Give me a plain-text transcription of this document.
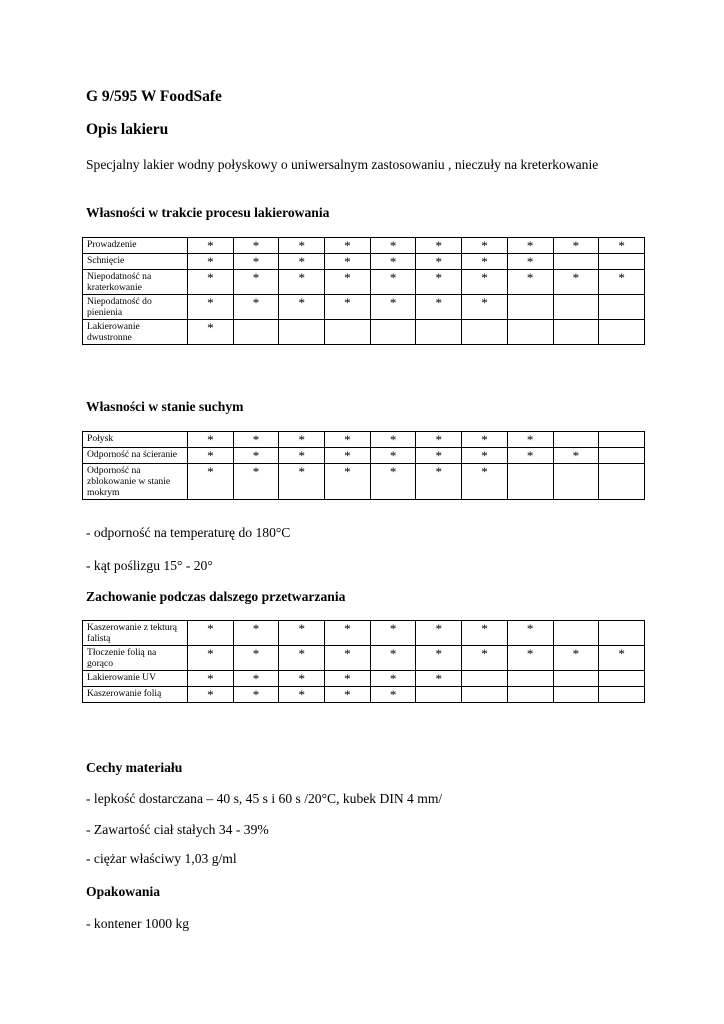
G 9/595 W FoodSafe
Opis lakieru
Specjalny lakier wodny połyskowy o uniwersalnym zastosowaniu , nieczuły na kreterkowanie
Własności w trakcie procesu lakierowania
Prowadzenie	*	*	*	*	*	*	*	*	*	*
Schnięcie	*	*	*	*	*	*	*	*		
Niepodatność na kraterkowanie	*	*	*	*	*	*	*	*	*	*
Niepodatność do pienienia	*	*	*	*	*	*	*			
Lakierowanie dwustronne	*									
Własności w stanie suchym
Połysk	*	*	*	*	*	*	*	*		
Odporność na ścieranie	*	*	*	*	*	*	*	*	*	
Odporność na zblokowanie w stanie mokrym	*	*	*	*	*	*	*			
- odporność na temperaturę do 180°C
- kąt poślizgu 15° - 20°
Zachowanie podczas dalszego przetwarzania
Kaszerowanie z tekturą falistą	*	*	*	*	*	*	*	*		
Tłoczenie folią na gorąco	*	*	*	*	*	*	*	*	*	*
Lakierowanie UV	*	*	*	*	*	*				
Kaszerowanie folią	*	*	*	*	*					
Cechy materiału
- lepkość dostarczana – 40 s, 45 s i 60 s /20°C, kubek DIN 4 mm/
- Zawartość ciał stałych 34 - 39%
- ciężar właściwy 1,03 g/ml
Opakowania
- kontener 1000 kg
